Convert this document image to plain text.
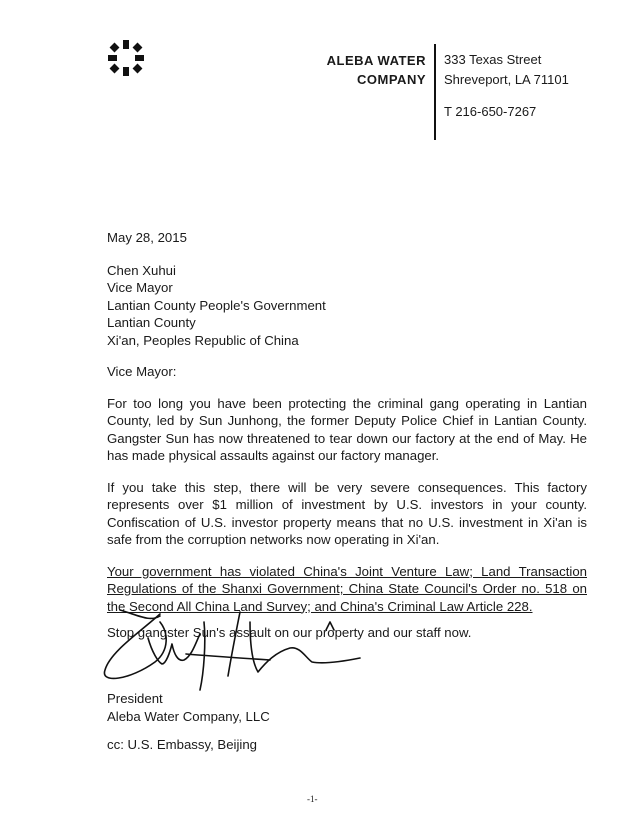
ALEBA WATER
COMPANY
333 Texas Street
Shreveport, LA 71101
T 216-650-7267

May 28, 2015

Chen Xuhui

Vice Mayor

Lantian County People's Government

Lantian County

Xi'an, Peoples Republic of China

Vice Mayor:

For too long you have been protecting the criminal gang operating in Lantian County, led by Sun Junhong, the former Deputy Police Chief in Lantian County. Gangster Sun has now threatened to tear down our factory at the end of May. He has made physical assaults against our factory manager.

If you take this step, there will be very severe consequences. This factory represents over $1 million of investment by U.S. investors in your county. Confiscation of U.S. investor property means that no U.S. investment in Xi'an is safe from the corruption networks now operating in Xi'an.

Your government has violated China's Joint Venture Law; Land Transaction Regulations of the Shanxi Government; China State Council's Order no. 518 on the Second All China Land Survey; and China's Criminal Law Article 228.

Stop gangster Sun's assault on our property and our staff now.

President
Aleba Water Company, LLC
cc: U.S. Embassy, Beijing
-1-
